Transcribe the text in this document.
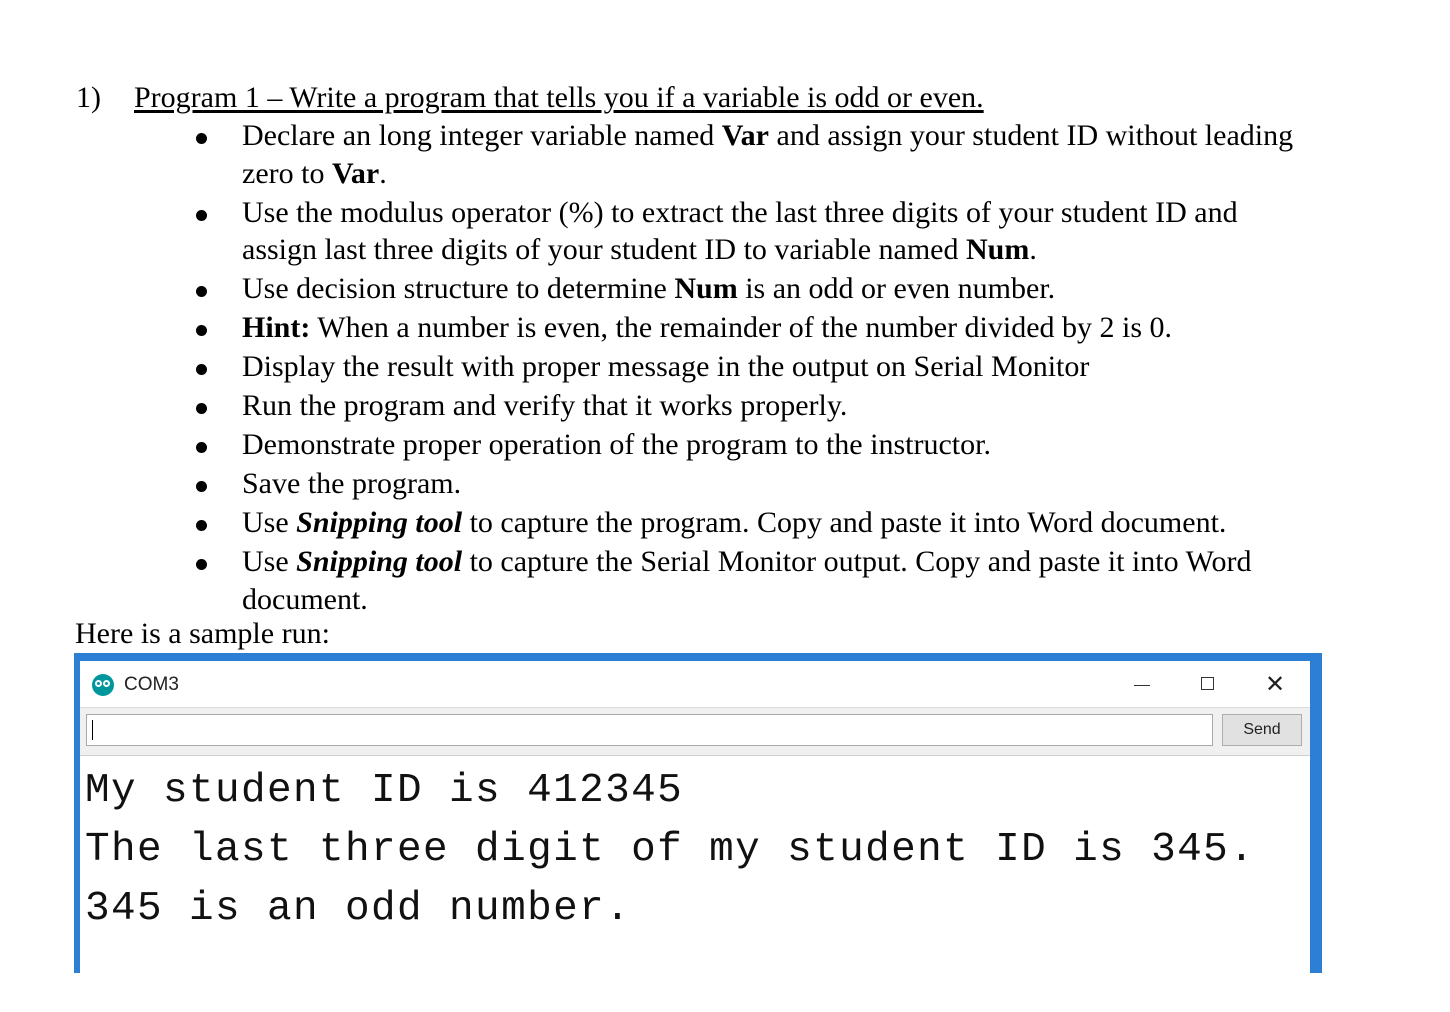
1) Program 1 – Write a program that tells you if a variable is odd or even.
Declare an long integer variable named Var and assign your student ID without leading zero to Var.
Use the modulus operator (%) to extract the last three digits of your student ID and assign last three digits of your student ID to variable named Num.
Use decision structure to determine Num is an odd or even number.
Hint: When a number is even, the remainder of the number divided by 2 is 0.
Display the result with proper message in the output on Serial Monitor
Run the program and verify that it works properly.
Demonstrate proper operation of the program to the instructor.
Save the program.
Use Snipping tool to capture the program. Copy and paste it into Word document.
Use Snipping tool to capture the Serial Monitor output. Copy and paste it into Word document.
Here is a sample run:
COM3	✕
Send
My student ID is 412345
The last three digit of my student ID is 345.
345 is an odd number.
